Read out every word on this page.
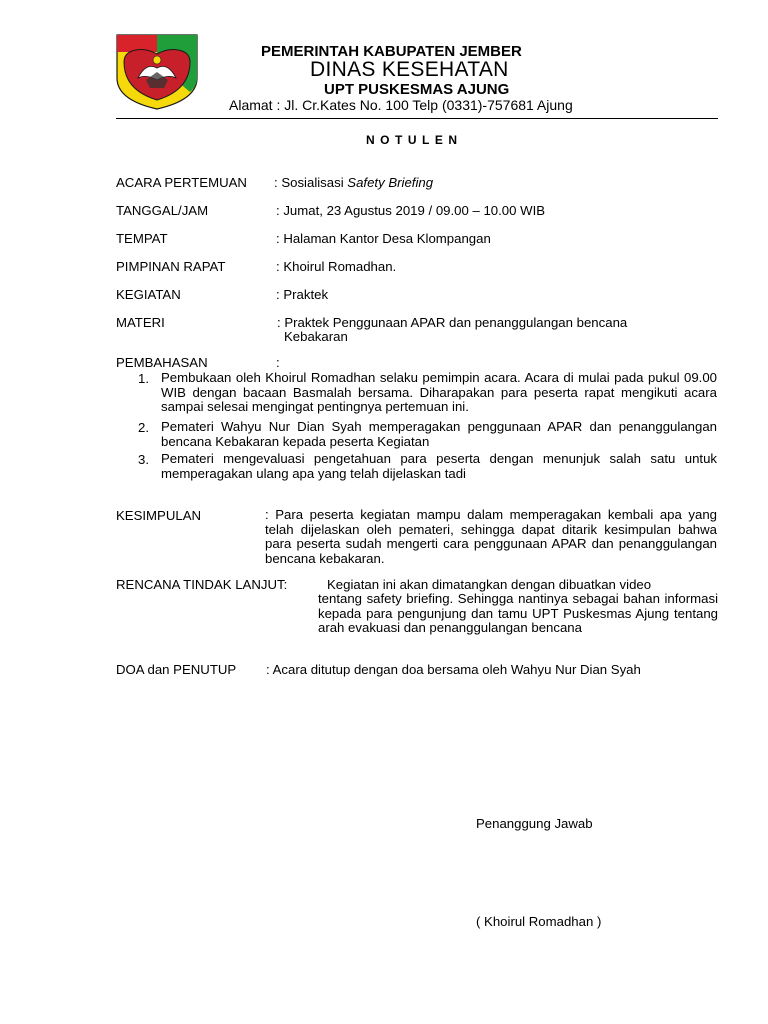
PEMERINTAH KABUPATEN JEMBER
DINAS KESEHATAN
UPT PUSKESMAS AJUNG
Alamat : Jl. Cr.Kates No. 100 Telp (0331)-757681 Ajung
NOTULEN
ACARA PERTEMUAN : Sosialisasi Safety Briefing
TANGGAL/JAM	: Jumat, 23 Agustus 2019 / 09.00 – 10.00 WIB
TEMPAT	: Halaman Kantor Desa Klompangan
PIMPINAN RAPAT	: Khoirul Romadhan.
KEGIATAN	: Praktek
MATERI	: Praktek Penggunaan APAR dan penanggulangan bencana
Kebakaran
PEMBAHASAN	:
1. Pembukaan oleh Khoirul Romadhan selaku pemimpin acara. Acara di mulai pada pukul 09.00 WIB dengan bacaan Basmalah bersama. Diharapakan para peserta rapat mengikuti acara sampai selesai mengingat pentingnya pertemuan ini.
2. Pemateri Wahyu Nur Dian Syah memperagakan penggunaan APAR dan penanggulangan bencana Kebakaran kepada peserta Kegiatan
3. Pemateri mengevaluasi pengetahuan para peserta dengan menunjuk salah satu untuk memperagakan ulang apa yang telah dijelaskan tadi
KESIMPULAN	: Para peserta kegiatan mampu dalam memperagakan kembali apa yang telah dijelaskan oleh pemateri, sehingga dapat ditarik kesimpulan bahwa para peserta sudah mengerti cara penggunaan APAR dan penanggulangan bencana kebakaran.
RENCANA TINDAK LANJUT:	Kegiatan ini akan dimatangkan dengan dibuatkan video
tentang safety briefing. Sehingga nantinya sebagai bahan informasi kepada para pengunjung dan tamu UPT Puskesmas Ajung tentang arah evakuasi dan penanggulangan bencana
DOA dan PENUTUP : Acara ditutup dengan doa bersama oleh Wahyu Nur Dian Syah
Penanggung Jawab
( Khoirul Romadhan )
